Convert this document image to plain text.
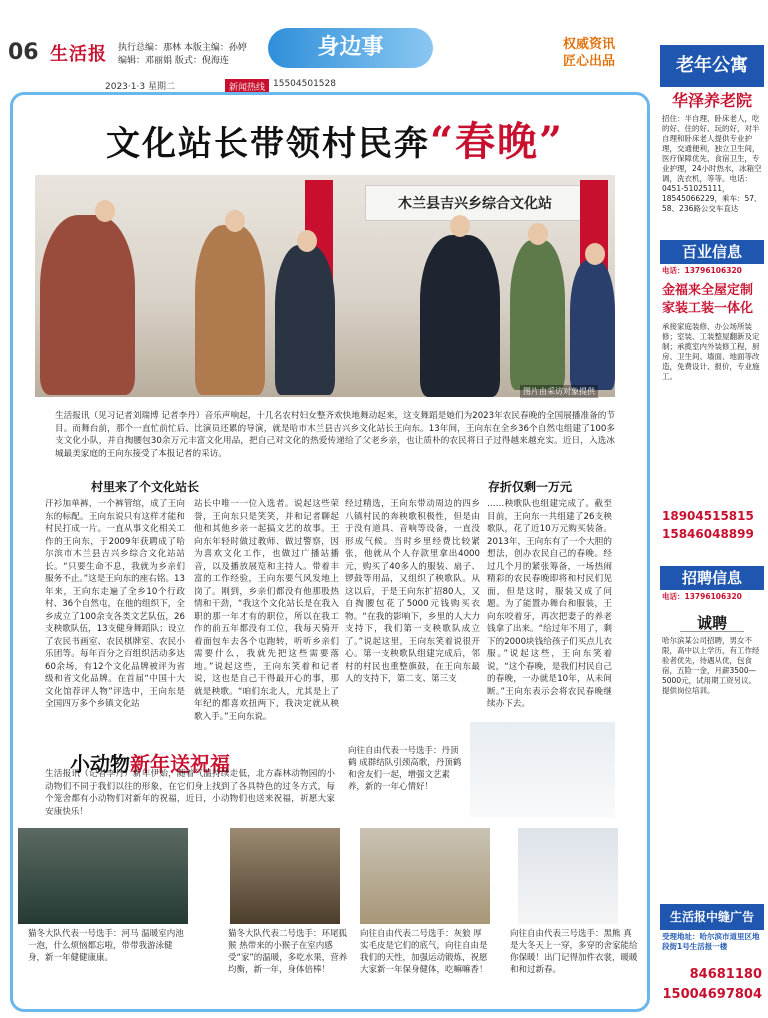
06 生活报 执行总编：那林 本版主编：孙婷
编辑：邓丽娟 版式：倪海连
身边事	权威资讯
匠心出品
2023·1·3 星期二	新闻热线 15504501528
文化站长带领村民奔“春晚”
木兰县吉兴乡综合文化站
图片由采访对象提供
生活报讯（见习记者刘瑞博 记者李丹）音乐声响起，十几名农村妇女整齐欢快地舞动起来，这支舞蹈是她们为2023年农民春晚的全国展播准备的节目。而舞台前，那个一直忙前忙后、比演员还累的导演，就是哈市木兰县吉兴乡文化站长王向东。13年间，王向东在全乡36个自然屯组建了100多支文化小队，并自掏腰包30余万元丰富文化用品，把自己对文化的热爱传递给了父老乡亲，也让质朴的农民将日子过得越来越充实。近日，入选冰城最美家庭的王向东接受了本报记者的采访。
村里来了个文化站长	存折仅剩一万元
汗衫加单裤，一个裤管绾，成了王向东的标配。王向东说只有这样才能和村民打成一片。一直从事文化相关工作的王向东，于2009年获聘成了哈尔滨市木兰县吉兴乡综合文化站站长。“只要生命不息，我就为乡亲们服务不止。”这是王向东的座右铭。13年来，王向东走遍了全乡10个行政村、36个自然屯，在他的组织下，全乡成立了100余支各类文艺队伍，26支秧歌队伍，13支健身舞蹈队；设立了农民书画室、农民棋牌室、农民小乐团等。每年百分之百组织活动多达60余场，有12个文化品牌被评为省级和省文化品牌。在首届“中国十大文化馆荐评人物”评选中，王向东是全国四万多个乡镇文化站
站长中唯一一位入选者。说起这些荣誉，王向东只是笑笑，并和记者聊起他和其他乡亲一起搞文艺的故事。王向东年轻时做过教师、做过警察，因为喜欢文化工作，也做过广播站播音，以及播放展览和主持人。带着丰富的工作经验，王向东要气风发地上岗了。刚到，乡亲们都没有他那股热情和干劲，“我这个文化站长是在我入职的那一年才有的职位，所以在我工作的前五年都没有工位，我每天骑开着面包车去各个屯跑转，听听乡亲们需要什么，我就先把这些需要落地。”说起这些，王向东笑着和记者说，这也是自己干得最开心的事，那就是秧歌。“咱们东北人，尤其是上了年纪的都喜欢扭两下，我决定就从秧歌入手。”王向东说。
经过精选，王向东带动周边的四乡八镇村民的奔秧歌积极性，但是由于没有道具、音响等设备，一直没形成气候。当时乡里经费比较紧张，他就从个人存款里拿出4000元，购买了40多人的服装、扇子、锣鼓等用品，又组织了秧歌队。从这以后，于是王向东扩招80人，又自掏腰包花了5000元钱购买衣物。“在我的影响下，乡里的人大力支持下，我们第一支秧歌队成立了。”说起这里，王向东笑着说很开心。第一支秧歌队组建完成后，邻村的村民也重整旗鼓，在王向东最人的支持下，第二支、第三支
……秧歌队也组建完成了。截至目前，王向东一共组建了26支秧歌队，花了近10万元购买装备。2013年，王向东有了一个大胆的想法，创办农民自己的春晚。经过几个月的紧张筹备，一场热闹精彩的农民春晚即将和村民们见面，但是这时，服装又成了问题。为了能置办舞台和服装，王向东咬着牙，再次把妻子的养老钱拿了出来。“给过年不用了，剩下的2000块钱给孩子们买点儿衣服。”说起这些，王向东笑着说，“这个春晚，是我们村民自己的春晚，一办就是10年，从未间断。”王向东表示会将农民春晚继续办下去。
小动物新年送祝福
生活报讯（记者李丹）新年伊始，随着气温持续走低，北方森林动物园的小动物们不同于我们以往的形象，在它们身上找到了各具特色的过冬方式，每个笼舍都有小动物们对新年的祝福，近日，小动物们也送来祝福，祈愿大家安康快乐！
向往自由代表一号选手：丹顶鹤 成群结队引颈高歌，丹顶鹤和舍友们一起，增强文艺素养，新的一年心情好！
猫冬大队代表一号选手：河马 温暖室内池一泡，什么烦恼都忘啦，带带我游泳健身，新一年健健康康。
猫冬大队代表二号选手：环尾狐猴 热带来的小猴子在室内感受“家”的温暖，多吃水果，营养均衡，新一年，身体倍棒！
向往自由代表二号选手：灰狼 厚实毛皮是它们的底气，向往自由是我们的天性，加强运动锻炼，祝愿大家新一年保身健体，吃嘛嘛香！
向往自由代表三号选手：黑熊 真是大冬天上一穿，多穿的舍家能给你保暖！出门记得加件衣裳，暖暖和和过新春。
老年公寓
华泽养老院
招住：半自理、卧床老人，吃的好、住的好、玩的好，对半自理和卧床老人提供专业护理，交通便利，独立卫生间，医疗保障优先，食宿卫生，专业护理，24小时热水，冰箱空调，洗衣机，等等。电话：0451-51025111，18545066229，乘车：57、58、236路公交车直达
百业信息
电话：13796106320
金福来全屋定制家装工装一体化
承接家庭装修、办公场所装修；室装、工装整屋翻新及定制；承揽室内外装修工程，厨房、卫生间、墙面、地面等改造，免费设计、报价，专业施工。
18904515815
15846048899
招聘信息
电话：13796106320
诚聘
哈尔滨某公司招聘，男女不限，高中以上学历，有工作经验者优先，待遇从优，包食宿，五险一金，月薪3500—5000元，试用期工资另议。提供岗位培训。
生活报中缝广告
受理地址：哈尔滨市道里区地段街1号生活报一楼
84681180
15004697804
